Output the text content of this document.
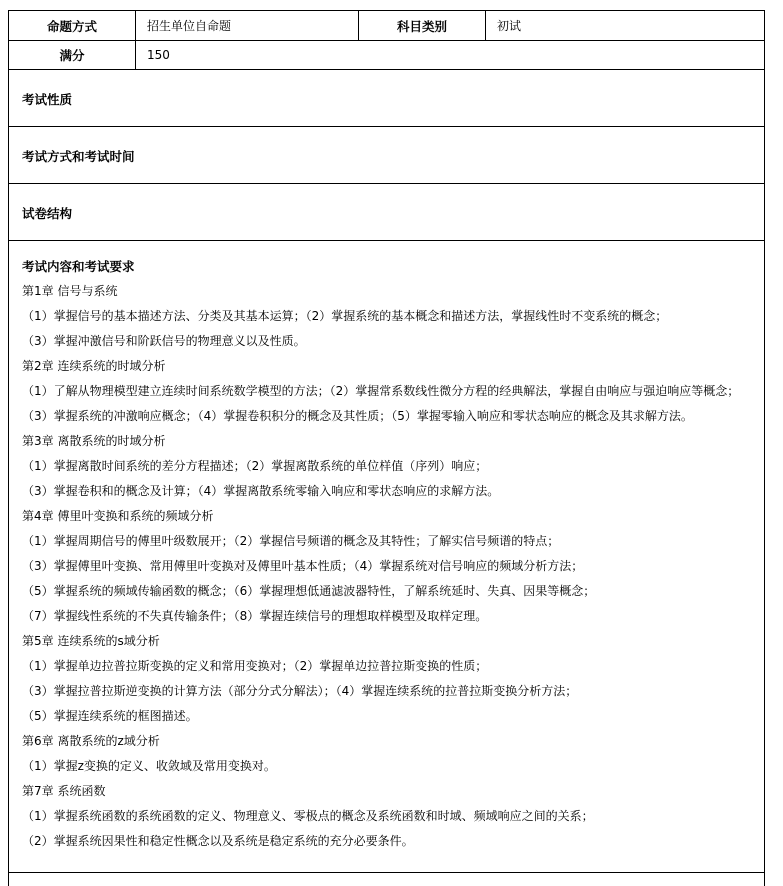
命题方式	招生单位自命题	科目类别	初试
满分	150
考试性质
考试方式和考试时间
试卷结构
考试内容和考试要求
第1章 信号与系统
（1）掌握信号的基本描述方法、分类及其基本运算；（2）掌握系统的基本概念和描述方法，掌握线性时不变系统的概念；
（3）掌握冲激信号和阶跃信号的物理意义以及性质。
第2章 连续系统的时域分析
（1）了解从物理模型建立连续时间系统数学模型的方法；（2）掌握常系数线性微分方程的经典解法，掌握自由响应与强迫响应等概念；
（3）掌握系统的冲激响应概念；（4）掌握卷积积分的概念及其性质；（5）掌握零输入响应和零状态响应的概念及其求解方法。
第3章 离散系统的时域分析
（1）掌握离散时间系统的差分方程描述；（2）掌握离散系统的单位样值（序列）响应；
（3）掌握卷积和的概念及计算；（4）掌握离散系统零输入响应和零状态响应的求解方法。
第4章 傅里叶变换和系统的频域分析
（1）掌握周期信号的傅里叶级数展开；（2）掌握信号频谱的概念及其特性；了解实信号频谱的特点；
（3）掌握傅里叶变换、常用傅里叶变换对及傅里叶基本性质；（4）掌握系统对信号响应的频域分析方法；
（5）掌握系统的频域传输函数的概念；（6）掌握理想低通滤波器特性，了解系统延时、失真、因果等概念；
（7）掌握线性系统的不失真传输条件；（8）掌握连续信号的理想取样模型及取样定理。
第5章 连续系统的s域分析
（1）掌握单边拉普拉斯变换的定义和常用变换对；（2）掌握单边拉普拉斯变换的性质；
（3）掌握拉普拉斯逆变换的计算方法（部分分式分解法）；（4）掌握连续系统的拉普拉斯变换分析方法；
（5）掌握连续系统的框图描述。
第6章 离散系统的z域分析
（1）掌握z变换的定义、收敛域及常用变换对。
第7章 系统函数
（1）掌握系统函数的系统函数的定义、物理意义、零极点的概念及系统函数和时域、频域响应之间的关系；
（2）掌握系统因果性和稳定性概念以及系统是稳定系统的充分必要条件。
